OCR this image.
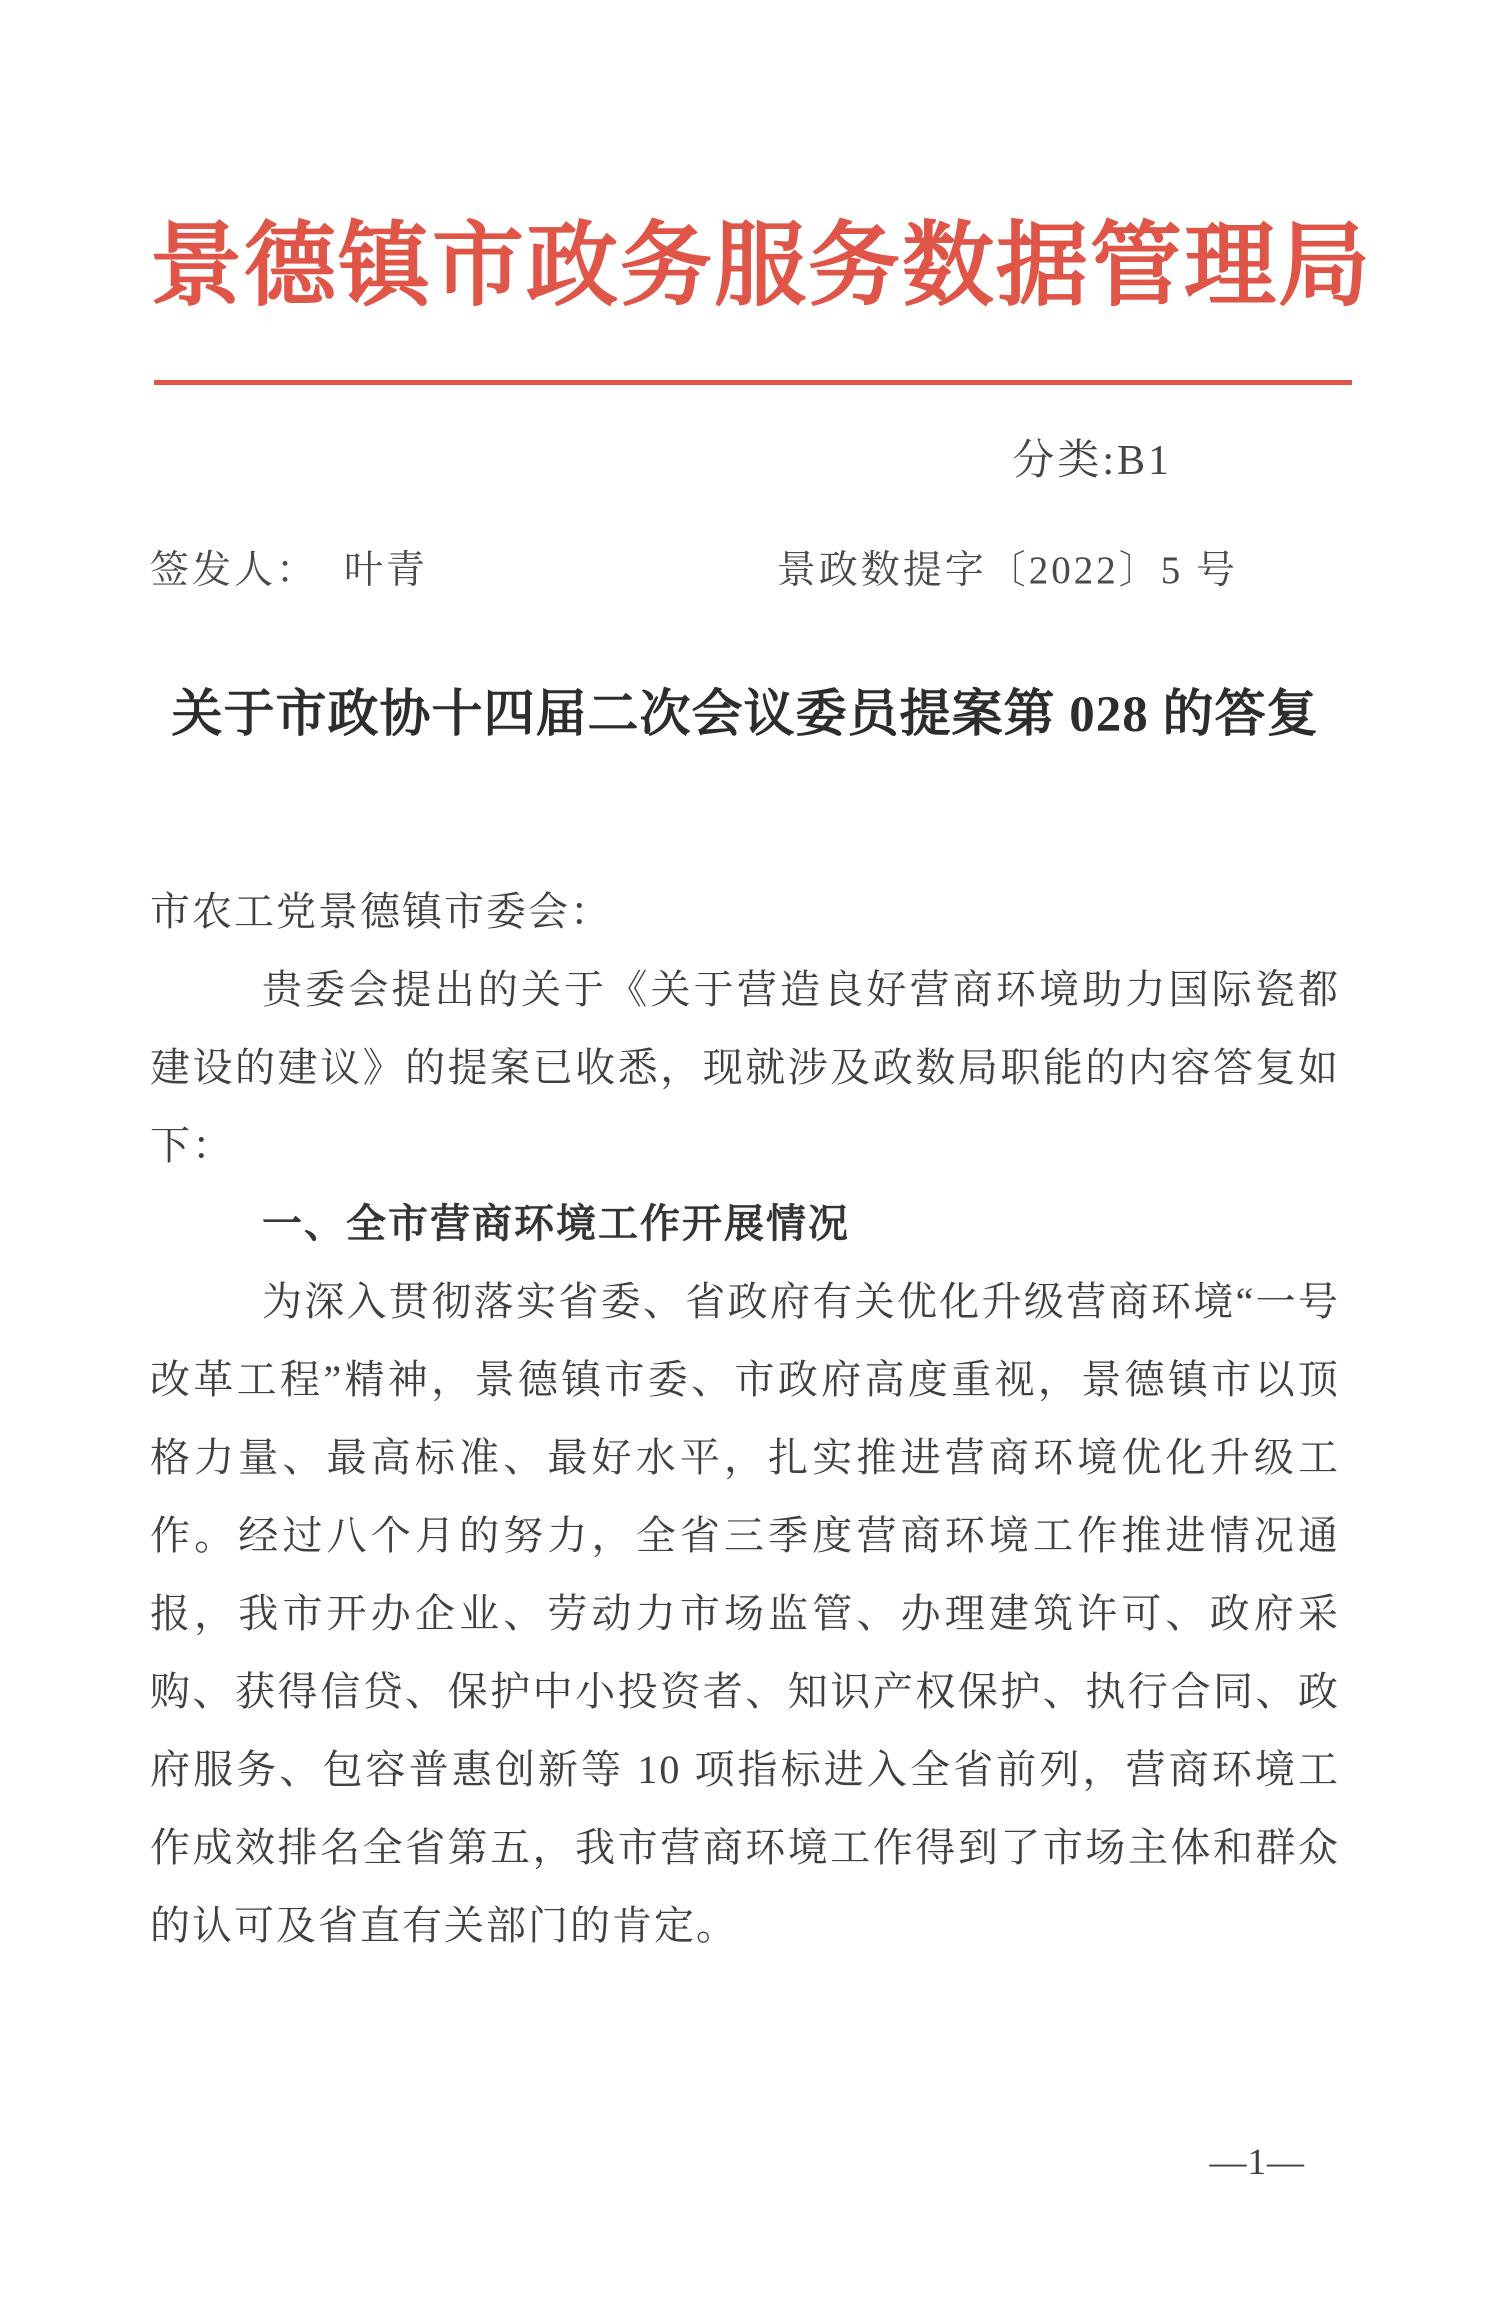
景德镇市政务服务数据管理局
分类:B1
签发人： 叶青	景政数提字〔2022〕5 号
关于市政协十四届二次会议委员提案第 028 的答复

市农工党景德镇市委会：

贵委会提出的关于《关于营造良好营商环境助力国际瓷都建设的建议》的提案已收悉，现就涉及政数局职能的内容答复如下：

一、全市营商环境工作开展情况

为深入贯彻落实省委、省政府有关优化升级营商环境“一号改革工程”精神，景德镇市委、市政府高度重视，景德镇市以顶格力量、最高标准、最好水平，扎实推进营商环境优化升级工作。经过八个月的努力，全省三季度营商环境工作推进情况通报，我市开办企业、劳动力市场监管、办理建筑许可、政府采购、获得信贷、保护中小投资者、知识产权保护、执行合同、政府服务、包容普惠创新等 10 项指标进入全省前列，营商环境工作成效排名全省第五，我市营商环境工作得到了市场主体和群众的认可及省直有关部门的肯定。

—1—
